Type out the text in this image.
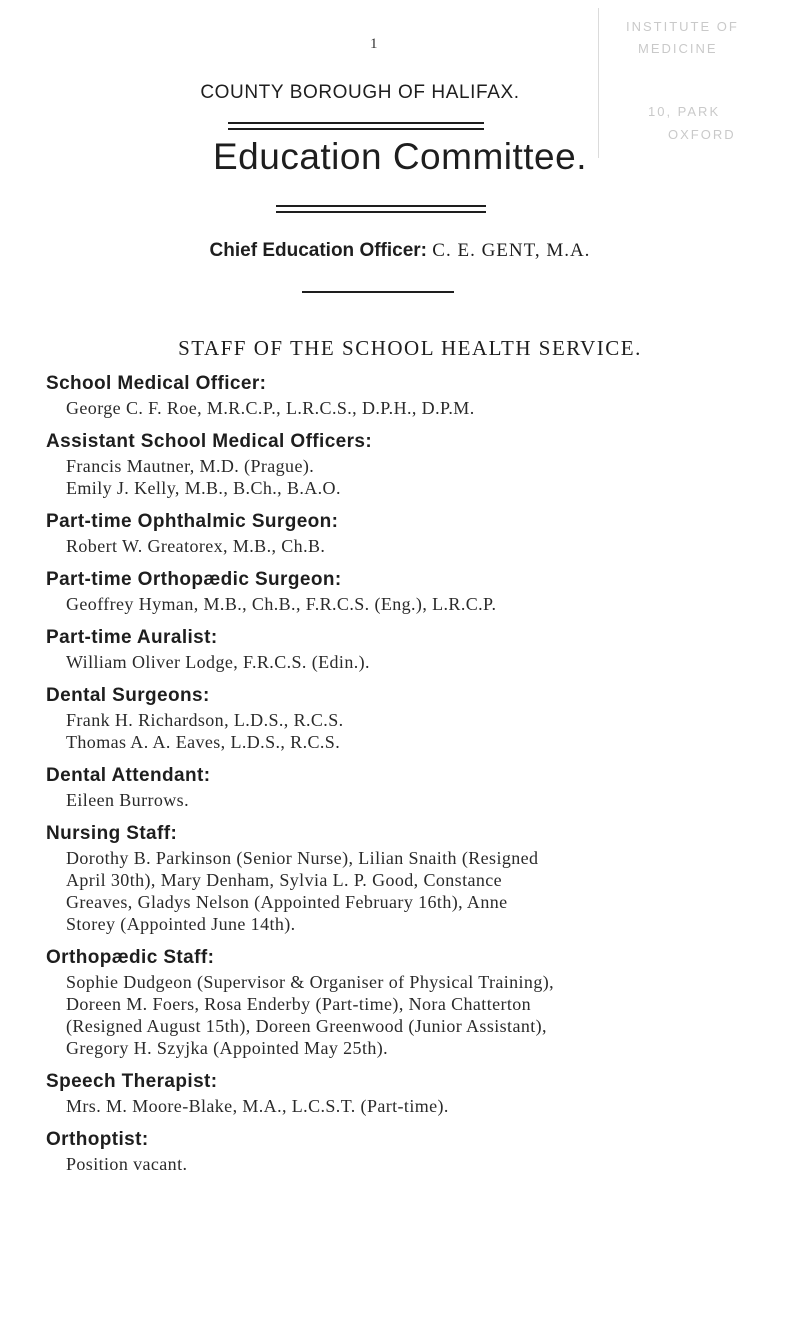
1
INSTITUTE OF
MEDICINE
10, PARK
OXFORD
COUNTY BOROUGH OF HALIFAX.
Education Committee.
Chief Education Officer: C. E. GENT, M.A.
STAFF OF THE SCHOOL HEALTH SERVICE.
School Medical Officer:
George C. F. Roe, M.R.C.P., L.R.C.S., D.P.H., D.P.M.
Assistant School Medical Officers:
Francis Mautner, M.D. (Prague).
Emily J. Kelly, M.B., B.Ch., B.A.O.
Part-time Ophthalmic Surgeon:
Robert W. Greatorex, M.B., Ch.B.
Part-time Orthopædic Surgeon:
Geoffrey Hyman, M.B., Ch.B., F.R.C.S. (Eng.), L.R.C.P.
Part-time Auralist:
William Oliver Lodge, F.R.C.S. (Edin.).
Dental Surgeons:
Frank H. Richardson, L.D.S., R.C.S.
Thomas A. A. Eaves, L.D.S., R.C.S.
Dental Attendant:
Eileen Burrows.
Nursing Staff:
Dorothy B. Parkinson (Senior Nurse), Lilian Snaith (Resigned
April 30th), Mary Denham, Sylvia L. P. Good, Constance
Greaves, Gladys Nelson (Appointed February 16th), Anne
Storey (Appointed June 14th).
Orthopædic Staff:
Sophie Dudgeon (Supervisor & Organiser of Physical Training),
Doreen M. Foers, Rosa Enderby (Part-time), Nora Chatterton
(Resigned August 15th), Doreen Greenwood (Junior Assistant),
Gregory H. Szyjka (Appointed May 25th).
Speech Therapist:
Mrs. M. Moore-Blake, M.A., L.C.S.T. (Part-time).
Orthoptist:
Position vacant.
